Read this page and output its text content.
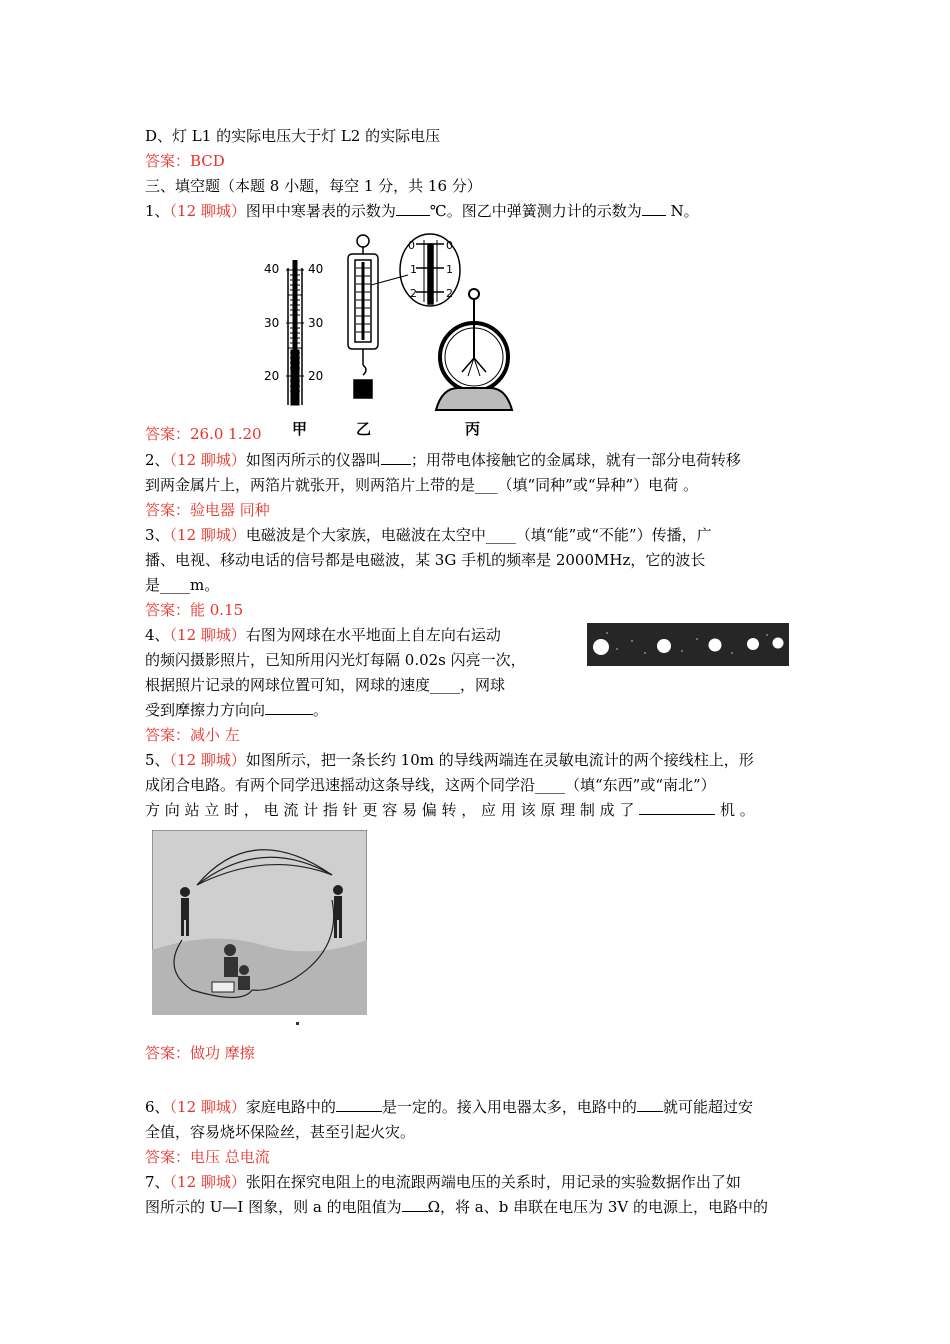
D、灯 L1 的实际电压大于灯 L2 的实际电压
答案：BCD
三、填空题（本题 8 小题，每空 1 分，共 16 分）
1、（12 聊城）图甲中寒暑表的示数为 ℃。图乙中弹簧测力计的示数为 N。
40 40
30 30
20 20
0	0
1	1
2	2
甲	乙	丙
答案：26.0 1.20
2、（12 聊城）如图丙所示的仪器叫 ；用带电体接触它的金属球，就有一部分电荷转移
到两金属片上，两箔片就张开，则两箔片上带的是___（填“同种”或“异种”）电荷 。
答案：验电器 同种
3、（12 聊城）电磁波是个大家族，电磁波在太空中____（填“能”或“不能”）传播，广
播、电视、移动电话的信号都是电磁波，某 3G 手机的频率是 2000MHz，它的波长
是____m。
答案：能 0.15
4、（12 聊城）右图为网球在水平地面上自左向右运动
的频闪摄影照片，已知所用闪光灯每隔 0.02s 闪亮一次，
根据照片记录的网球位置可知，网球的速度____，网球
受到摩擦力方向向	。
答案：减小 左
5、（12 聊城）如图所示，把一条长约 10m 的导线两端连在灵敏电流计的两个接线柱上，形
成闭合电路。有两个同学迅速摇动这条导线，这两个同学沿____（填“东西”或“南北”）
方 向 站 立 时 ， 电 流 计 指 针 更 容 易 偏 转 ， 应 用 该 原 理 制 成 了	机 。
答案：做功 摩擦
6、（12 聊城）家庭电路中的	是一定的。接入用电器太多，电路中的 就可能超过安
全值，容易烧坏保险丝，甚至引起火灾。
答案：电压 总电流
7、（12 聊城）张阳在探究电阻上的电流跟两端电压的关系时，用记录的实验数据作出了如
图所示的 U—I 图象，则 a 的电阻值为 Ω，将 a、b 串联在电压为 3V 的电源上，电路中的
